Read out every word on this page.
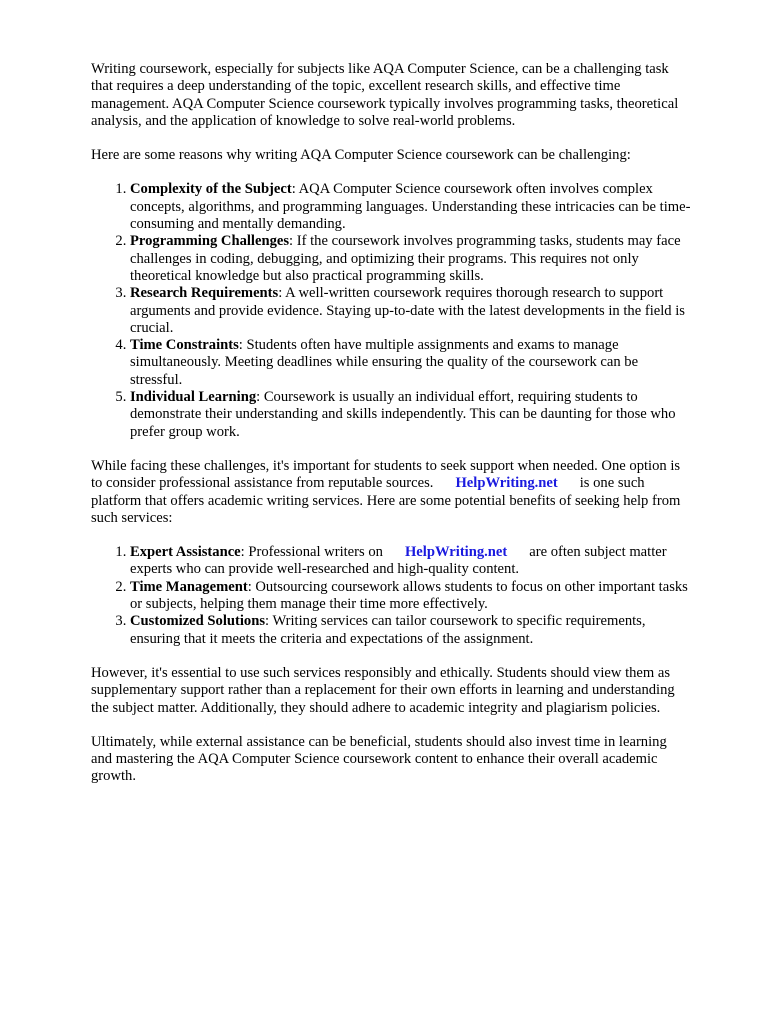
Writing coursework, especially for subjects like AQA Computer Science, can be a challenging task that requires a deep understanding of the topic, excellent research skills, and effective time management. AQA Computer Science coursework typically involves programming tasks, theoretical analysis, and the application of knowledge to solve real-world problems.

Here are some reasons why writing AQA Computer Science coursework can be challenging:

1. Complexity of the Subject: AQA Computer Science coursework often involves complex concepts, algorithms, and programming languages. Understanding these intricacies can be time-consuming and mentally demanding.
2. Programming Challenges: If the coursework involves programming tasks, students may face challenges in coding, debugging, and optimizing their programs. This requires not only theoretical knowledge but also practical programming skills.
3. Research Requirements: A well-written coursework requires thorough research to support arguments and provide evidence. Staying up-to-date with the latest developments in the field is crucial.
4. Time Constraints: Students often have multiple assignments and exams to manage simultaneously. Meeting deadlines while ensuring the quality of the coursework can be stressful.
5. Individual Learning: Coursework is usually an individual effort, requiring students to demonstrate their understanding and skills independently. This can be daunting for those who prefer group work.

While facing these challenges, it's important for students to seek support when needed. One option is to consider professional assistance from reputable sources. HelpWriting.net is one such platform that offers academic writing services. Here are some potential benefits of seeking help from such services:

1. Expert Assistance: Professional writers on HelpWriting.net are often subject matter experts who can provide well-researched and high-quality content.
2. Time Management: Outsourcing coursework allows students to focus on other important tasks or subjects, helping them manage their time more effectively.
3. Customized Solutions: Writing services can tailor coursework to specific requirements, ensuring that it meets the criteria and expectations of the assignment.

However, it's essential to use such services responsibly and ethically. Students should view them as supplementary support rather than a replacement for their own efforts in learning and understanding the subject matter. Additionally, they should adhere to academic integrity and plagiarism policies.

Ultimately, while external assistance can be beneficial, students should also invest time in learning and mastering the AQA Computer Science coursework content to enhance their overall academic growth.
